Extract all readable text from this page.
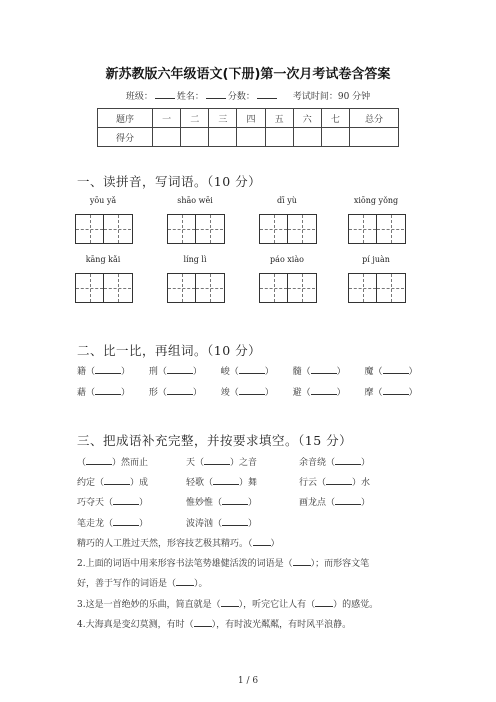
新苏教版六年级语文(下册)第一次月考试卷含答案
班级：	姓名：	分数：	考试时间：90 分钟
题序	一	二	三	四	五	六	七	总分
得分								
一、读拼音，写词语。（10 分）
yōu yǎ	shāo wēi	dī yù	xiōng yǒng
kāng kǎi	líng lì	páo xiào	pí juàn
二、比一比，再组词。（10 分）
籍（	） 刑（	） 峻（	） 髓（	） 魔（	）
藉（	） 形（	） 竣（	） 避（	） 摩（	）
三、把成语补充完整，并按要求填空。（15 分）
（	）然而止	天（	）之音	余音绕（	）
约定（	）成	轻歌（	）舞	行云（	）水
巧夺天（	）	惟妙惟（	）	画龙点（	）
笔走龙（	）	波涛汹（	）
精巧的人工胜过天然，形容技艺极其精巧。（ ）
2.上面的词语中用来形容书法笔势雄健活泼的词语是（ ）；而形容文笔
好，善于写作的词语是（ ）。
3.这是一首绝妙的乐曲，简直就是（ ），听完它让人有（ ）的感觉。
4.大海真是变幻莫测，有时（ ），有时波光粼粼，有时风平浪静。
1 / 6
